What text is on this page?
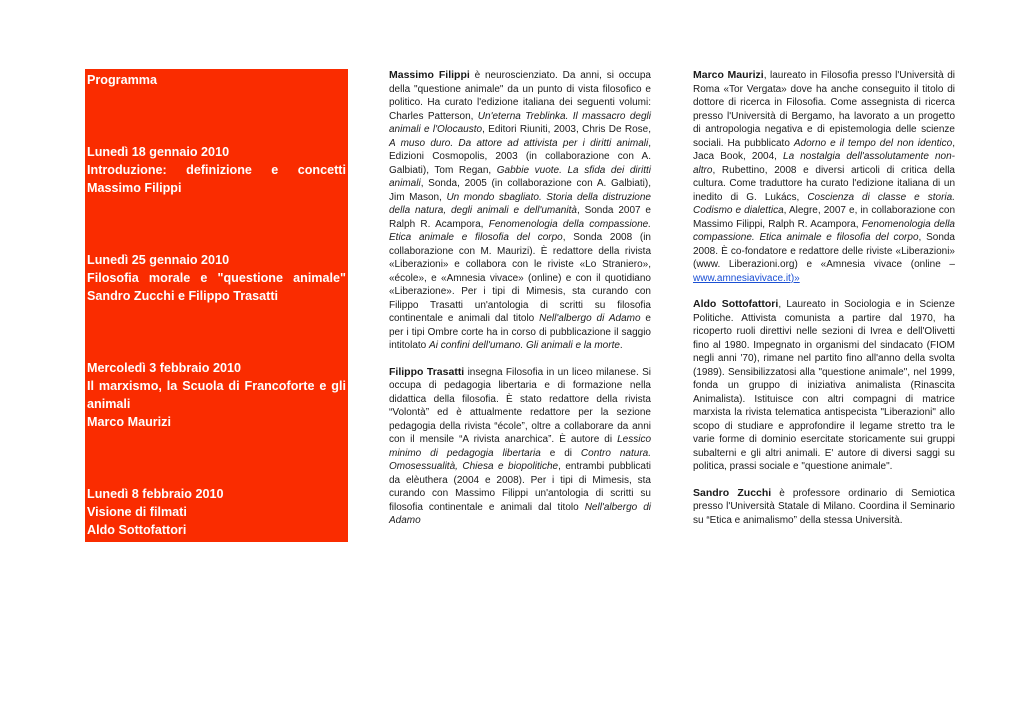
Programma
Lunedì 18 gennaio 2010
Introduzione: definizione e concetti
Massimo Filippi
Lunedì 25 gennaio 2010
Filosofia morale e "questione animale"
Sandro Zucchi e Filippo Trasatti
Mercoledì 3 febbraio 2010
Il marxismo, la Scuola di Francoforte e gli animali
Marco Maurizi
Lunedì 8 febbraio 2010
Visione di filmati
Aldo Sottofattori

Massimo Filippi è neuroscienziato. Da anni, si occupa della "questione animale" da un punto di vista filosofico e politico. Ha curato l'edizione italiana dei seguenti volumi: Charles Patterson, Un'eterna Treblinka. Il massacro degli animali e l'Olocausto, Editori Riuniti, 2003, Chris De Rose, A muso duro. Da attore ad attivista per i diritti animali, Edizioni Cosmopolis, 2003 (in collaborazione con A. Galbiati), Tom Regan, Gabbie vuote. La sfida dei diritti animali, Sonda, 2005 (in collaborazione con A. Galbiati), Jim Mason, Un mondo sbagliato. Storia della distruzione della natura, degli animali e dell'umanità, Sonda 2007 e Ralph R. Acampora, Fenomenologia della compassione. Etica animale e filosofia del corpo, Sonda 2008 (in collaborazione con M. Maurizi). È redattore della rivista «Liberazioni» e collabora con le riviste «Lo Straniero», «école», e «Amnesia vivace» (online) e con il quotidiano «Liberazione». Per i tipi di Mimesis, sta curando con Filippo Trasatti un'antologia di scritti su filosofia continentale e animali dal titolo Nell'albergo di Adamo e per i tipi Ombre corte ha in corso di pubblicazione il saggio intitolato Ai confini dell'umano. Gli animali e la morte.

Filippo Trasatti insegna Filosofia in un liceo milanese. Si occupa di pedagogia libertaria e di formazione nella didattica della filosofia. È stato redattore della rivista “Volontà” ed è attualmente redattore per la sezione pedagogia della rivista “école”, oltre a collaborare da anni con il mensile “A rivista anarchica”. È autore di Lessico minimo di pedagogia libertaria e di Contro natura. Omosessualità, Chiesa e biopolitiche, entrambi pubblicati da elèuthera (2004 e 2008). Per i tipi di Mimesis, sta curando con Massimo Filippi un'antologia di scritti su filosofia continentale e animali dal titolo Nell'albergo di Adamo

Marco Maurizi, laureato in Filosofia presso l'Università di Roma «Tor Vergata» dove ha anche conseguito il titolo di dottore di ricerca in Filosofia. Come assegnista di ricerca presso l'Università di Bergamo, ha lavorato a un progetto di antropologia negativa e di epistemologia delle scienze sociali. Ha pubblicato Adorno e il tempo del non identico, Jaca Book, 2004, La nostalgia dell'assolutamente non-altro, Rubettino, 2008 e diversi articoli di critica della cultura. Come traduttore ha curato l'edizione italiana di un inedito di G. Lukács, Coscienza di classe e storia. Codismo e dialettica, Alegre, 2007 e, in collaborazione con Massimo Filippi, Ralph R. Acampora, Fenomenologia della compassione. Etica animale e filosofia del corpo, Sonda 2008. È co-fondatore e redattore delle riviste «Liberazioni» (www. Liberazioni.org) e «Amnesia vivace (online – www.amnesiavivace.it)»

Aldo Sottofattori, Laureato in Sociologia e in Scienze Politiche. Attivista comunista a partire dal 1970, ha ricoperto ruoli direttivi nelle sezioni di Ivrea e dell'Olivetti fino al 1980. Impegnato in organismi del sindacato (FIOM negli anni '70), rimane nel partito fino all'anno della svolta (1989). Sensibilizzatosi alla "questione animale", nel 1999, fonda un gruppo di iniziativa animalista (Rinascita Animalista). Istituisce con altri compagni di matrice marxista la rivista telematica antispecista "Liberazioni" allo scopo di studiare e approfondire il legame stretto tra le varie forme di dominio esercitate storicamente sui gruppi subalterni e gli altri animali. E' autore di diversi saggi su politica, prassi sociale e "questione animale".

Sandro Zucchi è professore ordinario di Semiotica presso l'Università Statale di Milano. Coordina il Seminario su “Etica e animalismo” della stessa Università.
